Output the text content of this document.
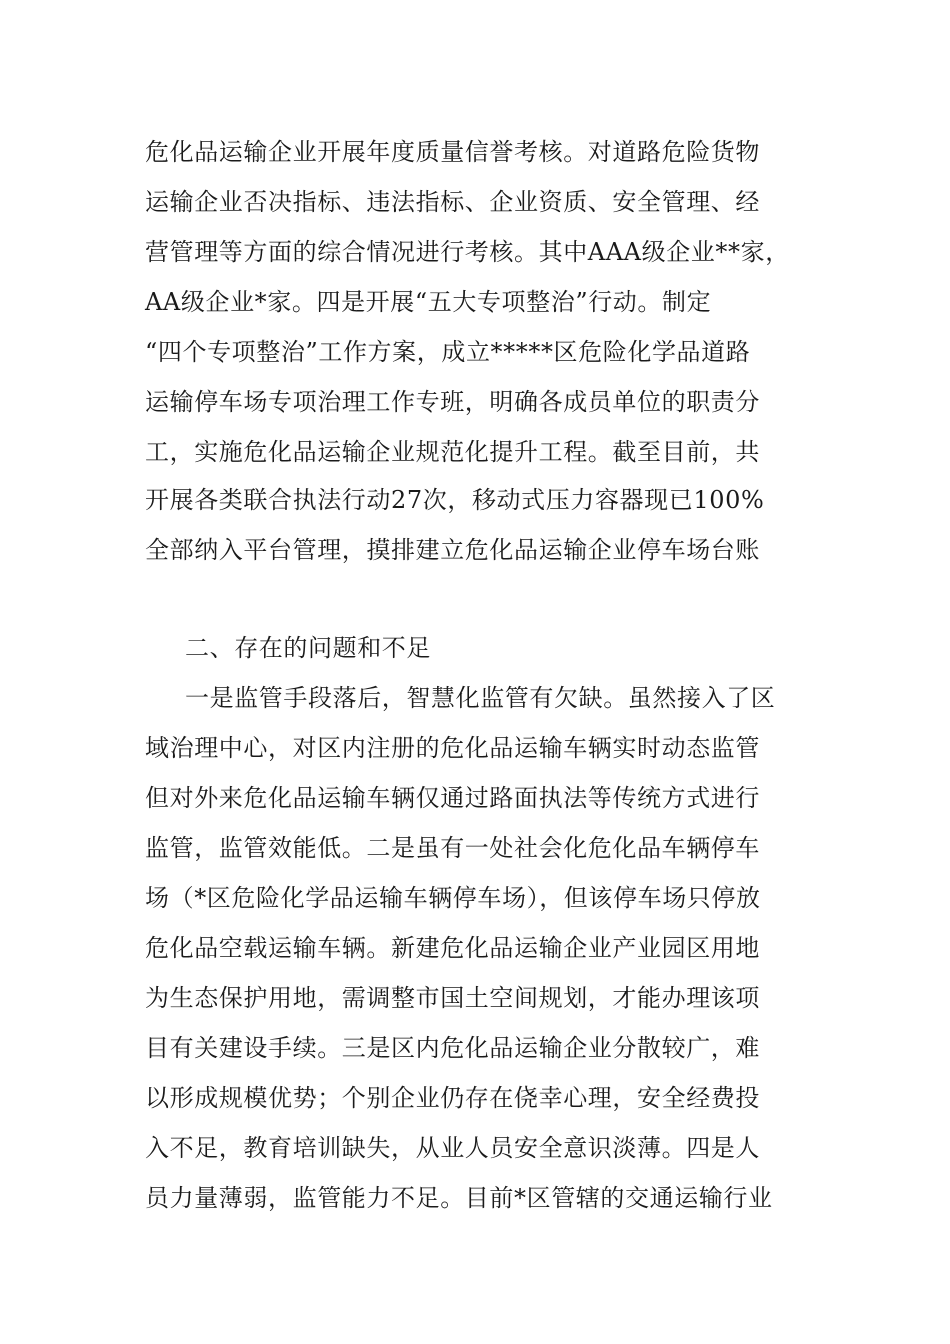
危化品运输企业开展年度质量信誉考核。对道路危险货物
运输企业否决指标、违法指标、企业资质、安全管理、经
营管理等方面的综合情况进行考核。其中AAA级企业**家，
AA级企业*家。四是开展“五大专项整治”行动。制定
“四个专项整治”工作方案，成立*****区危险化学品道路
运输停车场专项治理工作专班，明确各成员单位的职责分
工，实施危化品运输企业规范化提升工程。截至目前，共
开展各类联合执法行动27次，移动式压力容器现已100%
全部纳入平台管理，摸排建立危化品运输企业停车场台账
二、存在的问题和不足
一是监管手段落后，智慧化监管有欠缺。虽然接入了区
域治理中心，对区内注册的危化品运输车辆实时动态监管
但对外来危化品运输车辆仅通过路面执法等传统方式进行
监管，监管效能低。二是虽有一处社会化危化品车辆停车
场（*区危险化学品运输车辆停车场），但该停车场只停放
危化品空载运输车辆。新建危化品运输企业产业园区用地
为生态保护用地，需调整市国土空间规划，才能办理该项
目有关建设手续。三是区内危化品运输企业分散较广，难
以形成规模优势；个别企业仍存在侥幸心理，安全经费投
入不足，教育培训缺失，从业人员安全意识淡薄。四是人
员力量薄弱，监管能力不足。目前*区管辖的交通运输行业
